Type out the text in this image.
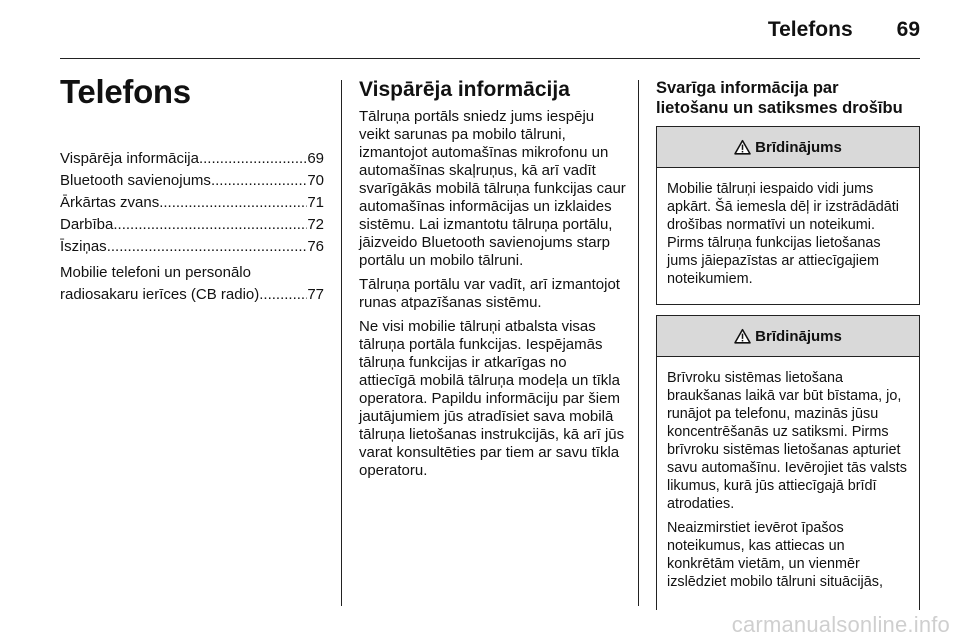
Telefons 69
Telefons
Vispārēja informācija .....	69
Bluetooth savienojums .....	70
Ārkārtas zvans .....	71
Darbība .....	72
Īsziņas .....	76
Mobilie telefoni un personālo
radiosakaru ierīces (CB radio) .....	77
Vispārēja informācija

Tālruņa portāls sniedz jums iespēju veikt sarunas pa mobilo tālruni, izmantojot automašīnas mikrofonu un automašīnas skaļruņus, kā arī vadīt svarīgākās mobilā tālruņa funkcijas caur automašīnas informācijas un izklaides sistēmu. Lai izmantotu tālruņa portālu, jāizveido Bluetooth savienojums starp portālu un mobilo tālruni.

Tālruņa portālu var vadīt, arī izmantojot runas atpazīšanas sistēmu.

Ne visi mobilie tālruņi atbalsta visas tālruņa portāla funkcijas. Iespējamās tālruņa funkcijas ir atkarīgas no attiecīgā mobilā tālruņa modeļa un tīkla operatora. Papildu informāciju par šiem jautājumiem jūs atradīsiet sava mobilā tālruņa lietošanas instrukcijās, kā arī jūs varat konsultēties par tiem ar savu tīkla operatoru.

Svarīga informācija par
lietošanu un satiksmes drošību
Brīdinājums

Mobilie tālruņi iespaido vidi jums apkārt. Šā iemesla dēļ ir izstrādādāti drošības normatīvi un noteikumi. Pirms tālruņa funkcijas lietošanas jums jāiepazīstas ar attiecīgajiem noteikumiem.

Brīdinājums

Brīvroku sistēmas lietošana braukšanas laikā var būt bīstama, jo, runājot pa telefonu, mazinās jūsu koncentrēšanās uz satiksmi. Pirms brīvroku sistēmas lietošanas apturiet savu automašīnu. Ievērojiet tās valsts likumus, kurā jūs attiecīgajā brīdī atrodaties.

Neaizmirstiet ievērot īpašos noteikumus, kas attiecas un konkrētām vietām, un vienmēr izslēdziet mobilo tālruni situācijās,

carmanualsonline.info
